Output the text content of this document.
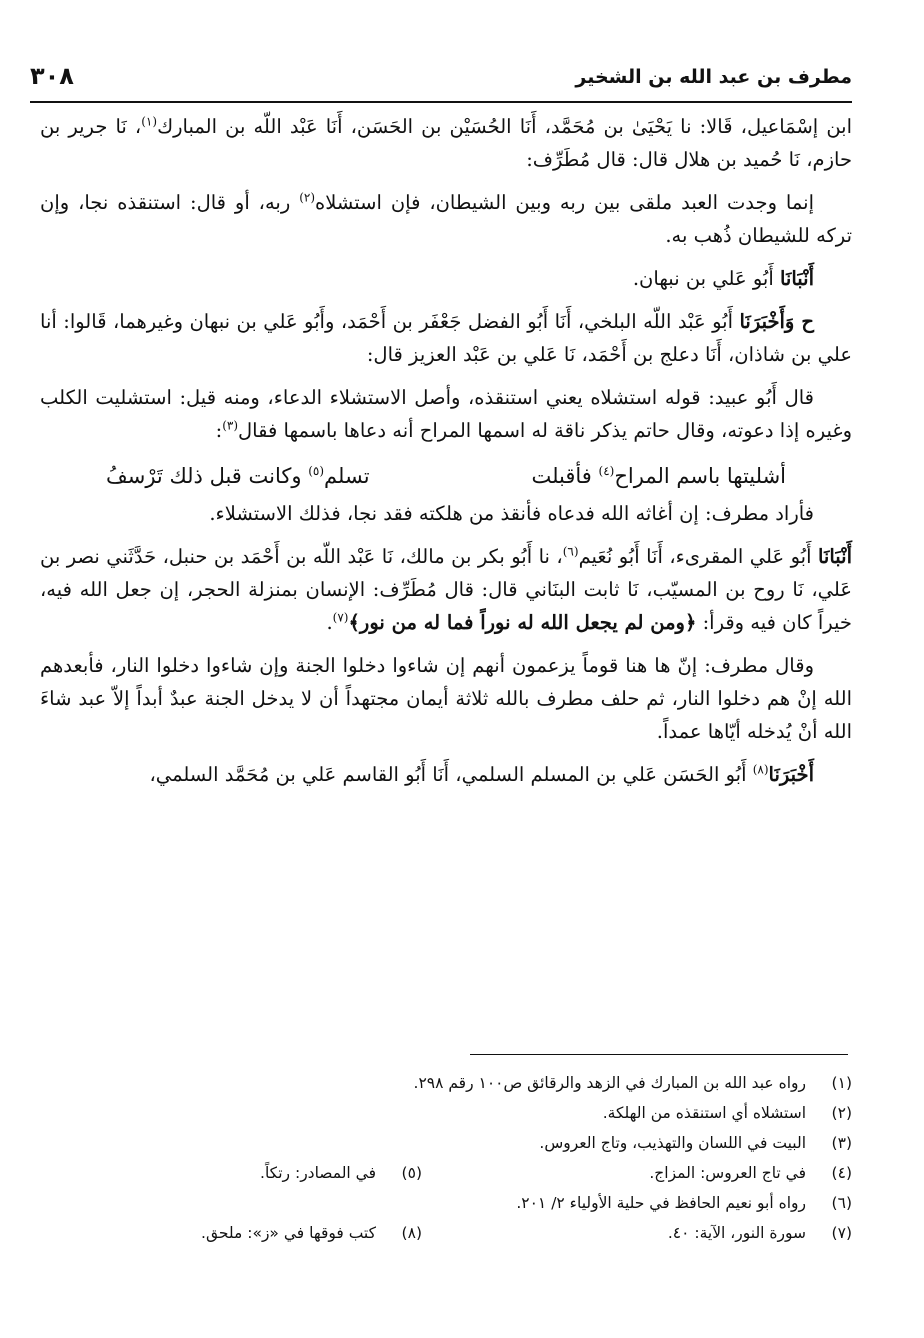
مطرف بن عبد الله بن الشخير
٣٠٨

ابن إسْمَاعيل، قَالا: نا يَحْيَىٰ بن مُحَمَّد، أَنَا الحُسَيْن بن الحَسَن، أَنَا عَبْد اللّه بن المبارك$^{(١)}$، نَا جرير بن حازم، نَا حُميد بن هلال قال: قال مُطَرِّف:

إنما وجدت العبد ملقى بين ربه وبين الشيطان، فإن استشلاه$^{(٢)}$ ربه، أو قال: استنقذه نجا، وإن تركه للشيطان ذُهب به.

أَنْبَانَا أَبُو عَلي بن نبهان.

ح وَأَخْبَرَنَا أَبُو عَبْد اللّه البلخي، أَنَا أَبُو الفضل جَعْفَر بن أَحْمَد، وأَبُو عَلي بن نبهان وغيرهما، قَالوا: أنا علي بن شاذان، أَنَا دعلج بن أَحْمَد، نَا عَلي بن عَبْد العزيز قال:

قال أَبُو عبيد: قوله استشلاه يعني استنقذه، وأصل الاستشلاء الدعاء، ومنه قيل: استشليت الكلب وغيره إذا دعوته، وقال حاتم يذكر ناقة له اسمها المراح أنه دعاها باسمها فقال$^{(٣)}$:

أشليتها باسم المراح$^{(٤)}$ فأقبلت
تسلم$^{(٥)}$ وكانت قبل ذلك تَرْسفُ

فأراد مطرف: إن أغاثه الله فدعاه فأنقذ من هلكته فقد نجا، فذلك الاستشلاء.

أَنْبَانَا أَبُو عَلي المقرىء، أَنَا أَبُو نُعَيم$^{(٦)}$، نا أَبُو بكر بن مالك، نَا عَبْد اللّه بن أَحْمَد بن حنبل، حَدَّثَني نصر بن عَلي، نَا روح بن المسيّب، نَا ثابت البنَاني قال: قال مُطَرِّف: الإنسان بمنزلة الحجر، إن جعل الله فيه، خيراً كان فيه وقرأ: ﴿ومن لم يجعل الله له نوراً فما له من نور﴾$^{(٧)}$.

وقال مطرف: إنّ ها هنا قوماً يزعمون أنهم إن شاءوا دخلوا الجنة وإن شاءوا دخلوا النار، فأبعدهم الله إنْ هم دخلوا النار، ثم حلف مطرف بالله ثلاثة أيمان مجتهداً أن لا يدخل الجنة عبدٌ أبداً إلاّ عبد شاءَ الله أنْ يُدخله أيّاها عمداً.

أَخْبَرَنَا$^{(٨)}$ أَبُو الحَسَن عَلي بن المسلم السلمي، أَنَا أَبُو القاسم عَلي بن مُحَمَّد السلمي،

(١)
رواه عبد الله بن المبارك في الزهد والرقائق ص١٠٠ رقم ٢٩٨.
(٢)
استشلاه أي استنقذه من الهلكة.
(٣)
البيت في اللسان والتهذيب، وتاج العروس.
(٤)
في تاج العروس: المزاج.
(٥)
في المصادر: رتكاً.
(٦)
رواه أبو نعيم الحافظ في حلية الأولياء ٢/ ٢٠١.
(٧)
سورة النور، الآية: ٤٠.
(٨)
كتب فوقها في «ز»: ملحق.
